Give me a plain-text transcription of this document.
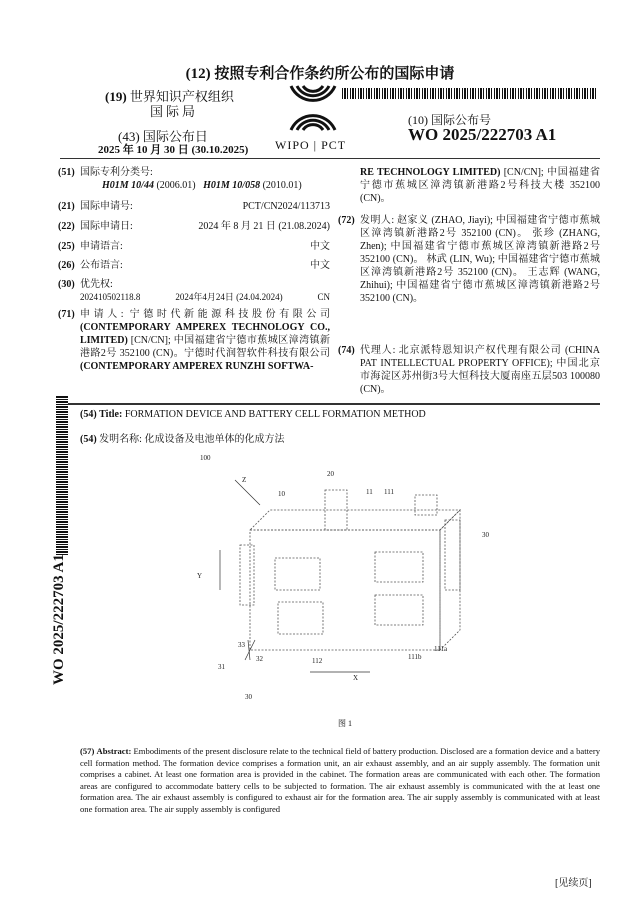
(12) 按照专利合作条约所公布的国际申请
(19) 世界知识产权组织
国际局
(43) 国际公布日
2025 年 10 月 30 日 (30.10.2025) WIPO | PCT
(10) 国际公布号
WO 2025/222703 A1
(51) 国际专利分类号:
H01M 10/44 (2006.01) H01M 10/058 (2010.01)
(21) 国际申请号:	PCT/CN2024/113713
(22) 国际申请日:	2024 年 8 月 21 日 (21.08.2024)
(25) 申请语言:	中文
(26) 公布语言:	中文
(30) 优先权:
202410502118.8	2024年4月24日 (24.04.2024)	CN
(71) 申请人: 宁德时代新能源科技股份有限公司 (CONTEMPORARY AMPEREX TECHNOLOGY CO., LIMITED) [CN/CN]; 中国福建省宁德市蕉城区漳湾镇新港路2号 352100 (CN)。宁德时代润智软件科技有限公司 (CONTEMPORARY AMPEREX RUNZHI SOFTWA-
RE TECHNOLOGY LIMITED) [CN/CN]; 中国福建省宁德市蕉城区漳湾镇新港路2号科技大楼 352100 (CN)。
(72) 发明人: 赵家义 (ZHAO, Jiayi); 中国福建省宁德市蕉城区漳湾镇新港路2号 352100 (CN)。 张珍 (ZHANG, Zhen); 中国福建省宁德市蕉城区漳湾镇新港路2号 352100 (CN)。 林武 (LIN, Wu); 中国福建省宁德市蕉城区漳湾镇新港路2号 352100 (CN)。 王志辉 (WANG, Zhihui); 中国福建省宁德市蕉城区漳湾镇新港路2号 352100 (CN)。
(74) 代理人: 北京派特恩知识产权代理有限公司 (CHINA PAT INTELLECTUAL PROPERTY OFFICE); 中国北京市海淀区苏州街3号大恒科技大厦南座五层503 100080 (CN)。
(54) Title: FORMATION DEVICE AND BATTERY CELL FORMATION METHOD
(54) 发明名称: 化成设备及电池单体的化成方法
100
20
10	11 111
30
Z
Y
X
33
32
31
30
112
111a
111b
图 1
(57) Abstract: Embodiments of the present disclosure relate to the technical field of battery production. Disclosed are a formation device and a battery cell formation method. The formation device comprises a formation unit, an air exhaust assembly, and an air supply assembly. The formation unit comprises a cabinet. At least one formation area is provided in the cabinet. The formation areas are communicated with each other. The formation areas are configured to accommodate battery cells to be subjected to formation. The air exhaust assembly is communicated with the at least one formation area. The air exhaust assembly is configured to exhaust air for the formation area. The air supply assembly is communicated with at least one formation area. The air supply assembly is configured
WO 2025/222703 A1
[见续页]
